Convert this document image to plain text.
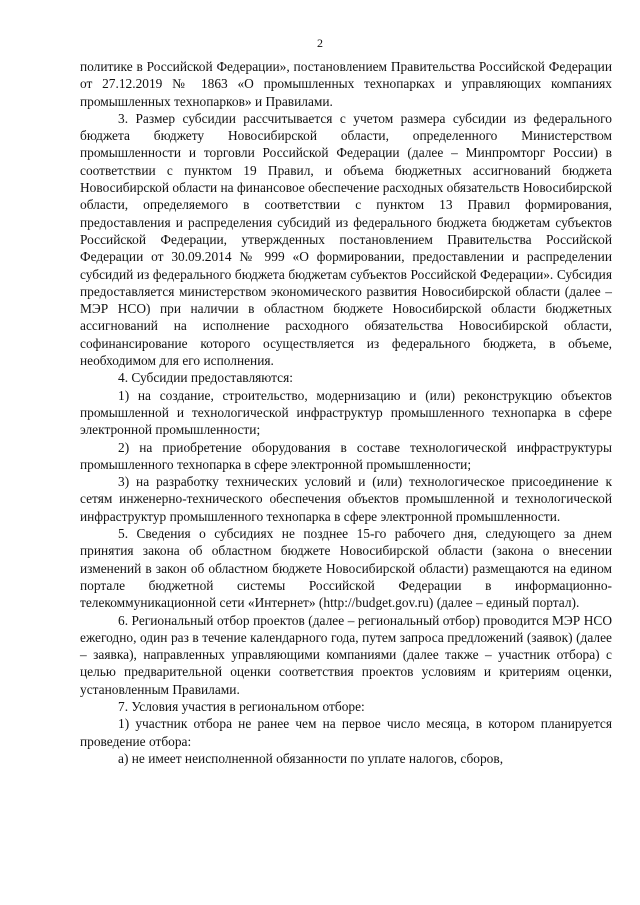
2

политике в Российской Федерации», постановлением Правительства Российской Федерации от 27.12.2019 № 1863 «О промышленных технопарках и управляющих компаниях промышленных технопарков» и Правилами.

3. Размер субсидии рассчитывается с учетом размера субсидии из федерального бюджета бюджету Новосибирской области, определенного Министерством промышленности и торговли Российской Федерации (далее – Минпромторг России) в соответствии с пунктом 19 Правил, и объема бюджетных ассигнований бюджета Новосибирской области на финансовое обеспечение расходных обязательств Новосибирской области, определяемого в соответствии с пунктом 13 Правил формирования, предоставления и распределения субсидий из федерального бюджета бюджетам субъектов Российской Федерации, утвержденных постановлением Правительства Российской Федерации от 30.09.2014 № 999 «О формировании, предоставлении и распределении субсидий из федерального бюджета бюджетам субъектов Российской Федерации». Субсидия предоставляется министерством экономического развития Новосибирской области (далее – МЭР НСО) при наличии в областном бюджете Новосибирской области бюджетных ассигнований на исполнение расходного обязательства Новосибирской области, софинансирование которого осуществляется из федерального бюджета, в объеме, необходимом для его исполнения.

4. Субсидии предоставляются:

1) на создание, строительство, модернизацию и (или) реконструкцию объектов промышленной и технологической инфраструктур промышленного технопарка в сфере электронной промышленности;

2) на приобретение оборудования в составе технологической инфраструктуры промышленного технопарка в сфере электронной промышленности;

3) на разработку технических условий и (или) технологическое присоединение к сетям инженерно-технического обеспечения объектов промышленной и технологической инфраструктур промышленного технопарка в сфере электронной промышленности.

5. Сведения о субсидиях не позднее 15-го рабочего дня, следующего за днем принятия закона об областном бюджете Новосибирской области (закона о внесении изменений в закон об областном бюджете Новосибирской области) размещаются на едином портале бюджетной системы Российской Федерации в информационно-телекоммуникационной сети «Интернет» (http://budget.gov.ru) (далее – единый портал).

6. Региональный отбор проектов (далее – региональный отбор) проводится МЭР НСО ежегодно, один раз в течение календарного года, путем запроса предложений (заявок) (далее – заявка), направленных управляющими компаниями (далее также – участник отбора) с целью предварительной оценки соответствия проектов условиям и критериям оценки, установленным Правилами.

7. Условия участия в региональном отборе:

1) участник отбора не ранее чем на первое число месяца, в котором планируется проведение отбора:

а) не имеет неисполненной обязанности по уплате налогов, сборов,
